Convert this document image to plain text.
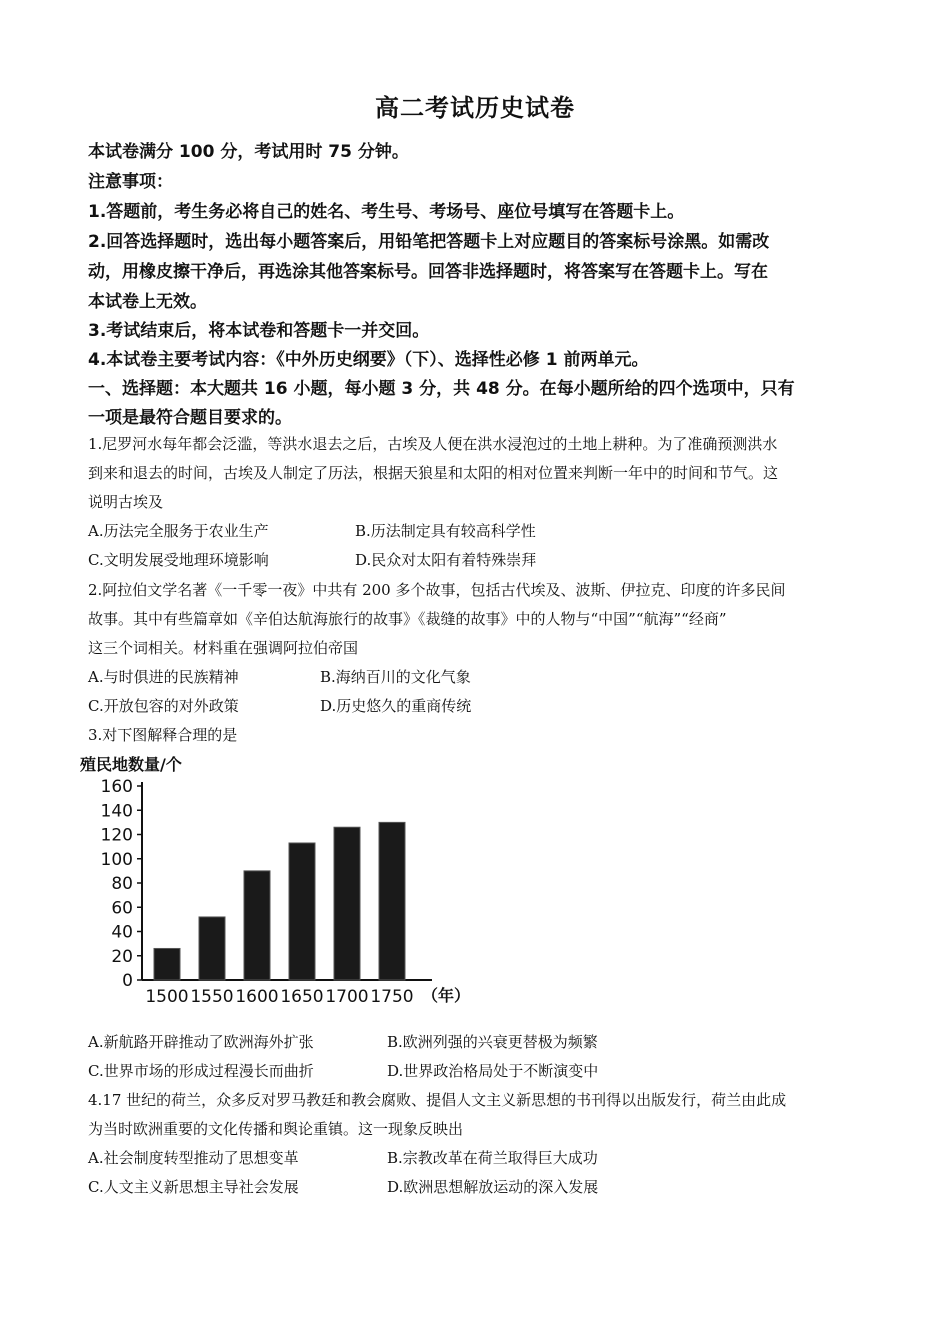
高二考试历史试卷
本试卷满分 100 分，考试用时 75 分钟。
注意事项：
1.答题前，考生务必将自己的姓名、考生号、考场号、座位号填写在答题卡上。
2.回答选择题时，选出每小题答案后，用铅笔把答题卡上对应题目的答案标号涂黑。如需改
动，用橡皮擦干净后，再选涂其他答案标号。回答非选择题时，将答案写在答题卡上。写在
本试卷上无效。
3.考试结束后，将本试卷和答题卡一并交回。
4.本试卷主要考试内容：《中外历史纲要》（下）、选择性必修 1 前两单元。
一、选择题：本大题共 16 小题，每小题 3 分，共 48 分。在每小题所给的四个选项中，只有
一项是最符合题目要求的。
1.尼罗河水每年都会泛滥，等洪水退去之后，古埃及人便在洪水浸泡过的土地上耕种。为了准确预测洪水
到来和退去的时间，古埃及人制定了历法，根据天狼星和太阳的相对位置来判断一年中的时间和节气。这
说明古埃及
A.历法完全服务于农业生产	B.历法制定具有较高科学性
C.文明发展受地理环境影响	D.民众对太阳有着特殊崇拜
2.阿拉伯文学名著《一千零一夜》中共有 200 多个故事，包括古代埃及、波斯、伊拉克、印度的许多民间
故事。其中有些篇章如《辛伯达航海旅行的故事》《裁缝的故事》中的人物与“中国”“航海”“经商”
这三个词相关。材料重在强调阿拉伯帝国
A.与时俱进的民族精神	B.海纳百川的文化气象
C.开放包容的对外政策	D.历史悠久的重商传统
3.对下图解释合理的是
殖民地数量/个
0
20
40
60
80
100
120
140
160
1500 1550 1600 1650 1700 1750 （年）
A.新航路开辟推动了欧洲海外扩张	B.欧洲列强的兴衰更替极为频繁
C.世界市场的形成过程漫长而曲折	D.世界政治格局处于不断演变中
4.17 世纪的荷兰，众多反对罗马教廷和教会腐败、提倡人文主义新思想的书刊得以出版发行，荷兰由此成
为当时欧洲重要的文化传播和舆论重镇。这一现象反映出
A.社会制度转型推动了思想变革	B.宗教改革在荷兰取得巨大成功
C.人文主义新思想主导社会发展	D.欧洲思想解放运动的深入发展
